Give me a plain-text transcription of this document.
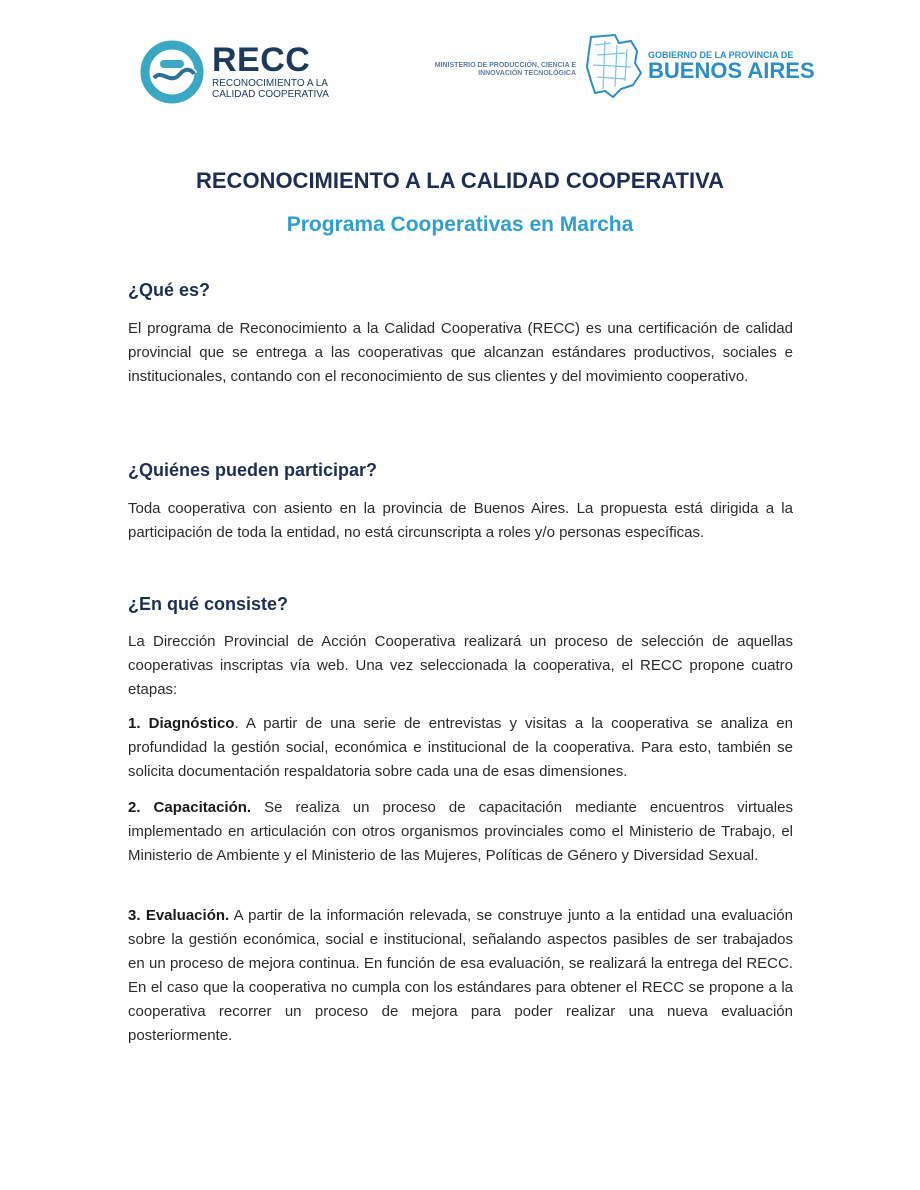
RECC
RECONOCIMIENTO A LA CALIDAD COOPERATIVA
MINISTERIO DE PRODUCCIÓN, CIENCIA E INNOVACIÓN TECNOLÓGICA
GOBIERNO DE LA PROVINCIA DE
BUENOS AIRES
RECONOCIMIENTO A LA CALIDAD COOPERATIVA
Programa Cooperativas en Marcha
¿Qué es?

El programa de Reconocimiento a la Calidad Cooperativa (RECC) es una certificación de calidad provincial que se entrega a las cooperativas que alcanzan estándares productivos, sociales e institucionales, contando con el reconocimiento de sus clientes y del movimiento cooperativo.

¿Quiénes pueden participar?

Toda cooperativa con asiento en la provincia de Buenos Aires. La propuesta está dirigida a la participación de toda la entidad, no está circunscripta a roles y/o personas específicas.

¿En qué consiste?

La Dirección Provincial de Acción Cooperativa realizará un proceso de selección de aquellas cooperativas inscriptas vía web. Una vez seleccionada la cooperativa, el RECC propone cuatro etapas:

1. Diagnóstico. A partir de una serie de entrevistas y visitas a la cooperativa se analiza en profundidad la gestión social, económica e institucional de la cooperativa. Para esto, también se solicita documentación respaldatoria sobre cada una de esas dimensiones.

2. Capacitación. Se realiza un proceso de capacitación mediante encuentros virtuales implementado en articulación con otros organismos provinciales como el Ministerio de Trabajo, el Ministerio de Ambiente y el Ministerio de las Mujeres, Políticas de Género y Diversidad Sexual.

3. Evaluación. A partir de la información relevada, se construye junto a la entidad una evaluación sobre la gestión económica, social e institucional, señalando aspectos pasibles de ser trabajados en un proceso de mejora continua. En función de esa evaluación, se realizará la entrega del RECC. En el caso que la cooperativa no cumpla con los estándares para obtener el RECC se propone a la cooperativa recorrer un proceso de mejora para poder realizar una nueva evaluación posteriormente.
